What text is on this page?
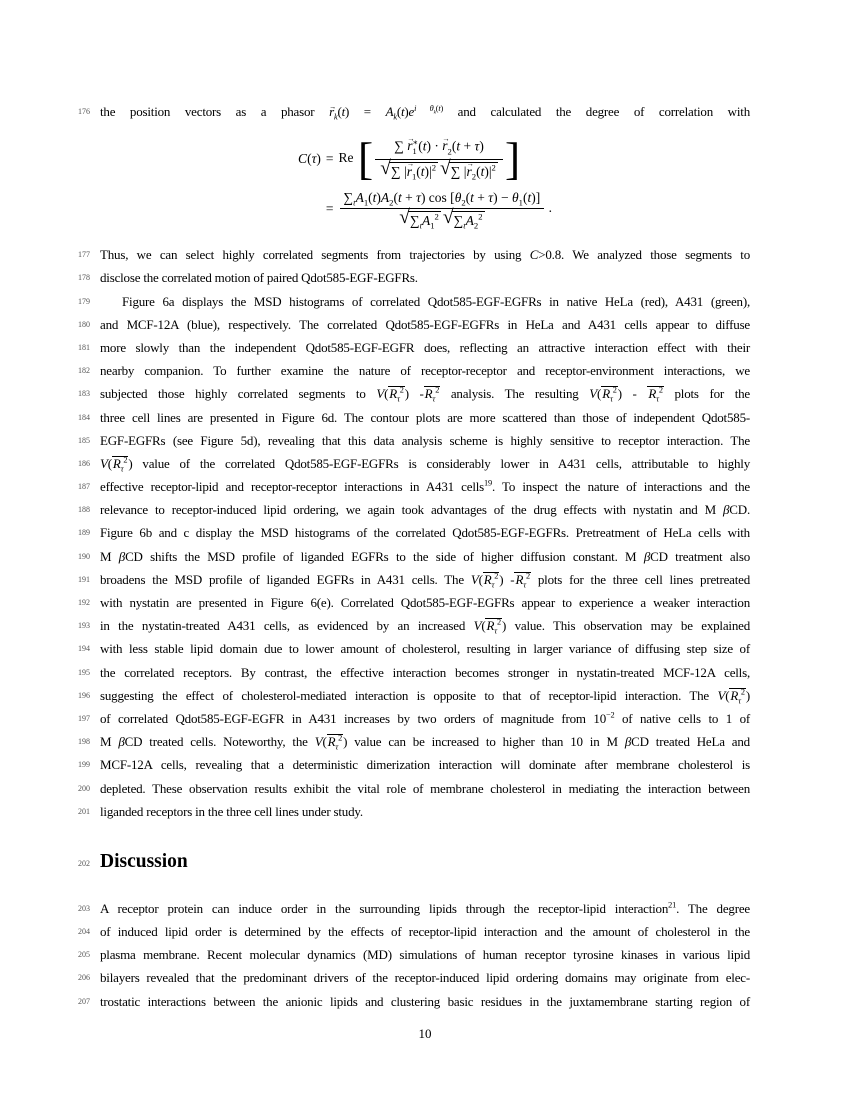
176 the position vectors as a phasor → $r_k(t) = A_k(t)e^{i \theta_k(t)}$ and calculated the degree of correlation with
C(τ)	=	Re [ ∑ → r ∗
1 (t) · → $r_2(t + \tau)$
√∑ |→ $r_1(t)|^2$ √∑ |→ $r_2(t)|^2$ ]
	=	$\frac{\sum_tA_1(t)A_2(t + \tau) \cos [\theta_2(t + \tau) - \theta_1(t)]}{√\sum_tA_1^2 √\sum_tA_2^2}$ .
177 Thus, we can select highly correlated segments from trajectories by using C>0.8. We analyzed those segments to
178 disclose the correlated motion of paired Qdot585-EGF-EGFRs.
179	Figure 6a displays the MSD histograms of correlated Qdot585-EGF-EGFRs in native HeLa (red), A431 (green),
180 and MCF-12A (blue), respectively. The correlated Qdot585-EGF-EGFRs in HeLa and A431 cells appear to diffuse
181 more slowly than the independent Qdot585-EGF-EGFR does, reflecting an attractive interaction effect with their
182 nearby companion. To further examine the nature of receptor-receptor and receptor-environment interactions, we
183 subjected those highly correlated segments to $V(R_\tau^2)$ $-R_\tau^2$ analysis. The resulting $V(R_\tau^2) - R_\tau^2$ plots for the
184 three cell lines are presented in Figure 6d. The contour plots are more scattered than those of independent Qdot585-
185 EGF-EGFRs (see Figure 5d), revealing that this data analysis scheme is highly sensitive to receptor interaction. The
186 $V(R_\tau^2)$ value of the correlated Qdot585-EGF-EGFRs is considerably lower in A431 cells, attributable to highly
187 effective receptor-lipid and receptor-receptor interactions in A431 cells$^{19}$. To inspect the nature of interactions and the
188 relevance to receptor-induced lipid ordering, we again took advantages of the drug effects with nystatin and M βCD.
189 Figure 6b and c display the MSD histograms of the correlated Qdot585-EGF-EGFRs. Pretreatment of HeLa cells with
190 M βCD shifts the MSD profile of liganded EGFRs to the side of higher diffusion constant. M βCD treatment also
191 broadens the MSD profile of liganded EGFRs in A431 cells. The $V(R_\tau^2)$ $-R_\tau^2$ plots for the three cell lines pretreated
192 with nystatin are presented in Figure 6(e). Correlated Qdot585-EGF-EGFRs appear to experience a weaker interaction
193 in the nystatin-treated A431 cells, as evidenced by an increased $V(R_\tau^2)$ value. This observation may be explained
194 with less stable lipid domain due to lower amount of cholesterol, resulting in larger variance of diffusing step size of
195 the correlated receptors. By contrast, the effective interaction becomes stronger in nystatin-treated MCF-12A cells,
196 suggesting the effect of cholesterol-mediated interaction is opposite to that of receptor-lipid interaction. The $V(R_\tau^2)$
197 of correlated Qdot585-EGF-EGFR in A431 increases by two orders of magnitude from $10^{-2}$ of native cells to 1 of
198 M βCD treated cells. Noteworthy, the $V(R_\tau^2)$ value can be increased to higher than 10 in M βCD treated HeLa and
199 MCF-12A cells, revealing that a deterministic dimerization interaction will dominate after membrane cholesterol is
200 depleted. These observation results exhibit the vital role of membrane cholesterol in mediating the interaction between
201 liganded receptors in the three cell lines under study.
202 Discussion
203 A receptor protein can induce order in the surrounding lipids through the receptor-lipid interaction$^{21}$. The degree
204 of induced lipid order is determined by the effects of receptor-lipid interaction and the amount of cholesterol in the
205 plasma membrane. Recent molecular dynamics (MD) simulations of human receptor tyrosine kinases in various lipid
206 bilayers revealed that the predominant drivers of the receptor-induced lipid ordering domains may originate from elec-
207 trostatic interactions between the anionic lipids and clustering basic residues in the juxtamembrane starting region of
10
